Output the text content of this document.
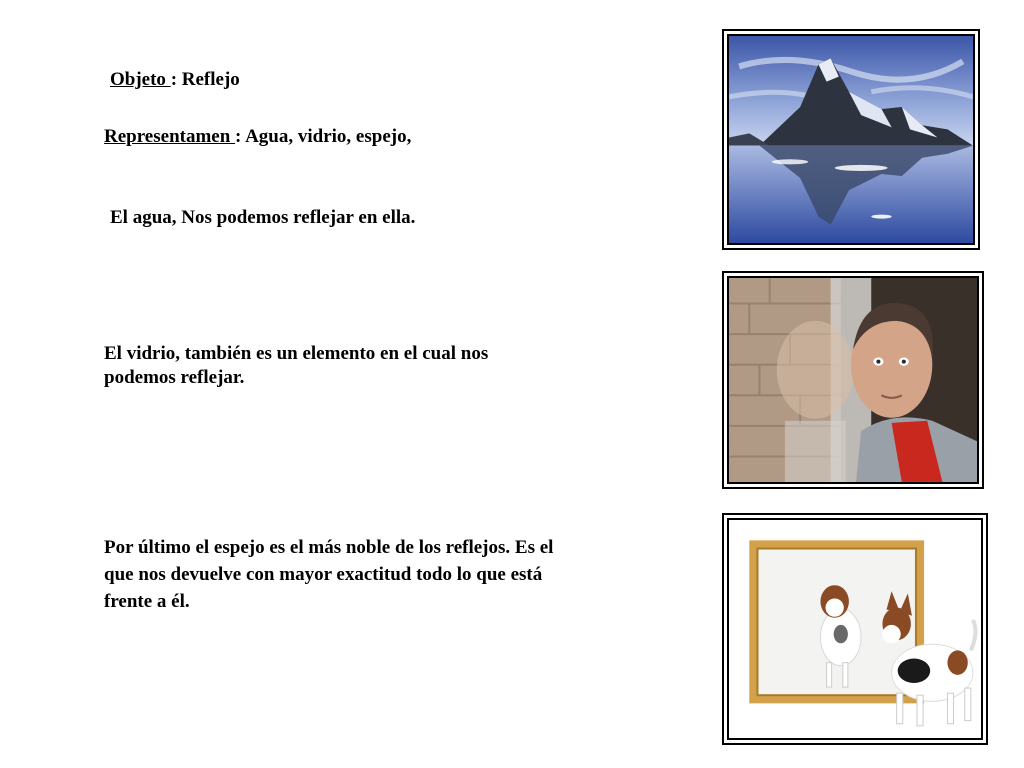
Objeto : Reflejo
Representamen : Agua, vidrio, espejo,
El agua, Nos podemos reflejar en ella.
El vidrio, también es un elemento en el cual nos
podemos reflejar.
Por último el espejo es el más noble de los reflejos. Es el
que nos devuelve con mayor exactitud todo lo que está
frente a él.
